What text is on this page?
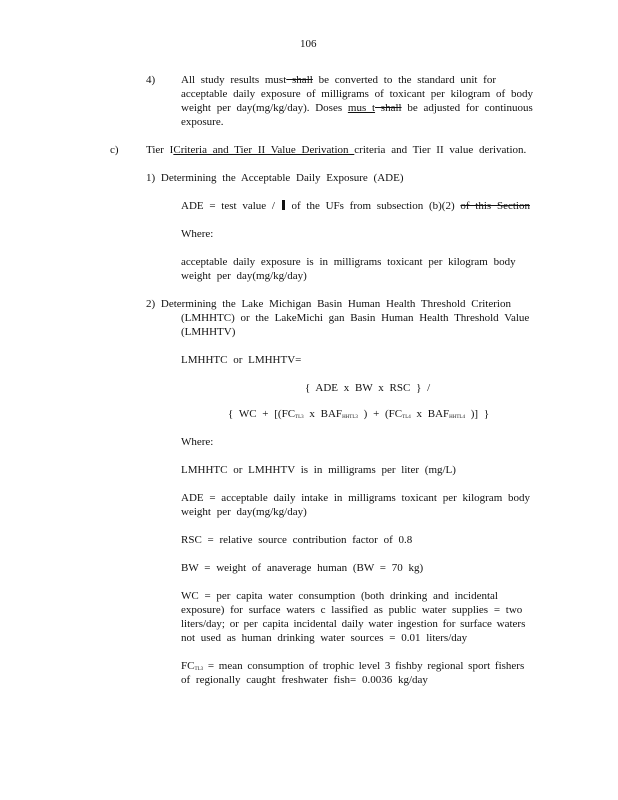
106
4) All study results must shall be converted to the standard unit for
acceptable daily exposure of milligrams of toxicant per kilogram of body
weight per day(mg/kg/day). Doses mus t shall be adjusted for continuous
exposure.
c) Tier ICriteria and Tier II Value Derivation criteria and Tier II value derivation.
1) Determining the Acceptable Daily Exposure (ADE)
ADE = test value /  of the UFs from subsection (b)(2) of this Section
Where:
acceptable daily exposure is in milligrams toxicant per kilogram body
weight per day(mg/kg/day)
2) Determining the Lake Michigan Basin Human Health Threshold Criterion
(LMHHTC) or the LakeMichi gan Basin Human Health Threshold Value
(LMHHTV)
LMHHTC or LMHHTV=
{ ADE x BW x RSC } /
{ WC + [($FC_{TL3}$ x $BAF_{HHTL3}$ ) + ($FC_{TL4}$ x $BAF_{HHTL4}$ )] }
Where:
LMHHTC or LMHHTV is in milligrams per liter (mg/L)
ADE = acceptable daily intake in milligrams toxicant per kilogram body
weight per day(mg/kg/day)
RSC = relative source contribution factor of 0.8
BW = weight of anaverage human (BW = 70 kg)
WC = per capita water consumption (both drinking and incidental
exposure) for surface waters c lassified as public water supplies = two
liters/day; or per capita incidental daily water ingestion for surface waters
not used as human drinking water sources = 0.01 liters/day
$FC_{TL3}$ = mean consumption of trophic level 3 fishby regional sport fishers
of regionally caught freshwater fish= 0.0036 kg/day
